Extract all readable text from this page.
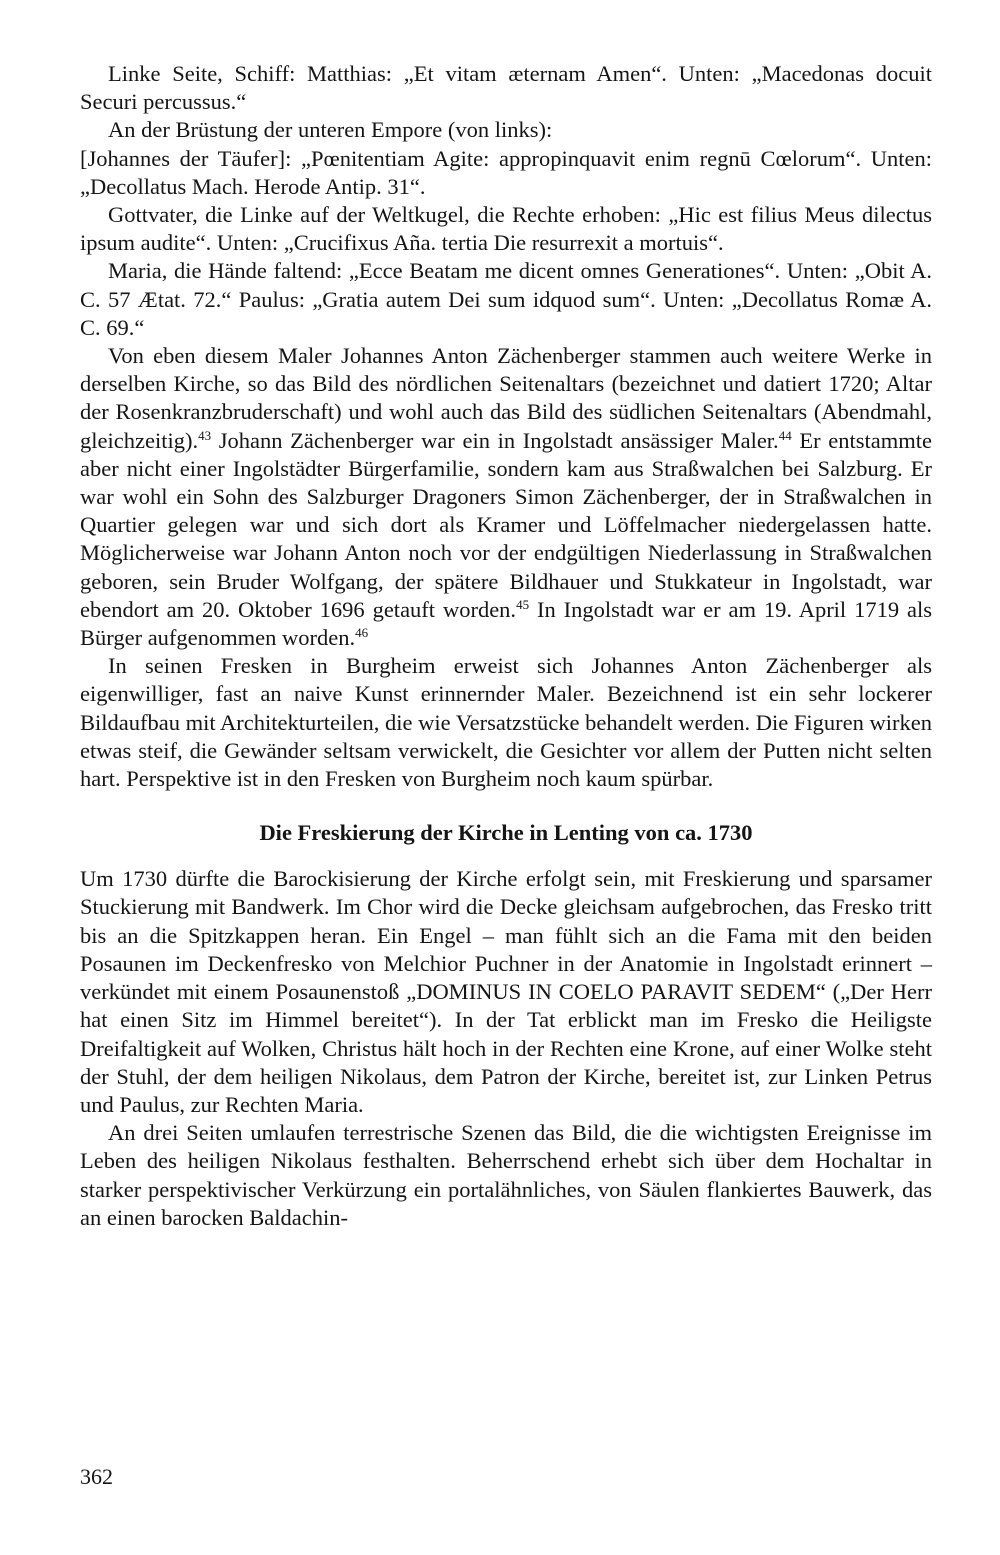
Linke Seite, Schiff: Matthias: „Et vitam æternam Amen“. Unten: „Macedonas docuit Securi percussus.“

An der Brüstung der unteren Empore (von links):

[Johannes der Täufer]: „Pœnitentiam Agite: appropinquavit enim regnū Cœlorum“. Unten: „Decollatus Mach. Herode Antip. 31“.

Gottvater, die Linke auf der Weltkugel, die Rechte erhoben: „Hic est filius Meus dilectus ipsum audite“. Unten: „Crucifixus Aña. tertia Die resurrexit a mortuis“.

Maria, die Hände faltend: „Ecce Beatam me dicent omnes Generationes“. Unten: „Obit A. C. 57 Ætat. 72.“ Paulus: „Gratia autem Dei sum idquod sum“. Unten: „Decollatus Romæ A. C. 69.“

Von eben diesem Maler Johannes Anton Zächenberger stammen auch weitere Werke in derselben Kirche, so das Bild des nördlichen Seitenaltars (bezeichnet und datiert 1720; Altar der Rosenkranzbruderschaft) und wohl auch das Bild des südlichen Seitenaltars (Abendmahl, gleichzeitig).$^{43}$ Johann Zächenberger war ein in Ingolstadt ansässiger Maler.$^{44}$ Er entstammte aber nicht einer Ingolstädter Bürgerfamilie, sondern kam aus Straßwalchen bei Salzburg. Er war wohl ein Sohn des Salzburger Dragoners Simon Zächenberger, der in Straßwalchen in Quartier gelegen war und sich dort als Kramer und Löffelmacher niedergelassen hatte. Möglicherweise war Johann Anton noch vor der endgültigen Niederlassung in Straßwalchen geboren, sein Bruder Wolfgang, der spätere Bildhauer und Stukkateur in Ingolstadt, war ebendort am 20. Oktober 1696 getauft worden.$^{45}$ In Ingolstadt war er am 19. April 1719 als Bürger aufgenommen worden.$^{46}$

In seinen Fresken in Burgheim erweist sich Johannes Anton Zächenberger als eigenwilliger, fast an naive Kunst erinnernder Maler. Bezeichnend ist ein sehr lockerer Bildaufbau mit Architekturteilen, die wie Versatzstücke behandelt werden. Die Figuren wirken etwas steif, die Gewänder seltsam verwickelt, die Gesichter vor allem der Putten nicht selten hart. Perspektive ist in den Fresken von Burgheim noch kaum spürbar.

Die Freskierung der Kirche in Lenting von ca. 1730

Um 1730 dürfte die Barockisierung der Kirche erfolgt sein, mit Freskierung und sparsamer Stuckierung mit Bandwerk. Im Chor wird die Decke gleichsam aufgebrochen, das Fresko tritt bis an die Spitzkappen heran. Ein Engel – man fühlt sich an die Fama mit den beiden Posaunen im Deckenfresko von Melchior Puchner in der Anatomie in Ingolstadt erinnert – verkündet mit einem Posaunenstoß „DOMINUS IN COELO PARAVIT SEDEM“ („Der Herr hat einen Sitz im Himmel bereitet“). In der Tat erblickt man im Fresko die Heiligste Dreifaltigkeit auf Wolken, Christus hält hoch in der Rechten eine Krone, auf einer Wolke steht der Stuhl, der dem heiligen Nikolaus, dem Patron der Kirche, bereitet ist, zur Linken Petrus und Paulus, zur Rechten Maria.

An drei Seiten umlaufen terrestrische Szenen das Bild, die die wichtigsten Ereignisse im Leben des heiligen Nikolaus festhalten. Beherrschend erhebt sich über dem Hochaltar in starker perspektivischer Verkürzung ein portalähnliches, von Säulen flankiertes Bauwerk, das an einen barocken Baldachin-

362
